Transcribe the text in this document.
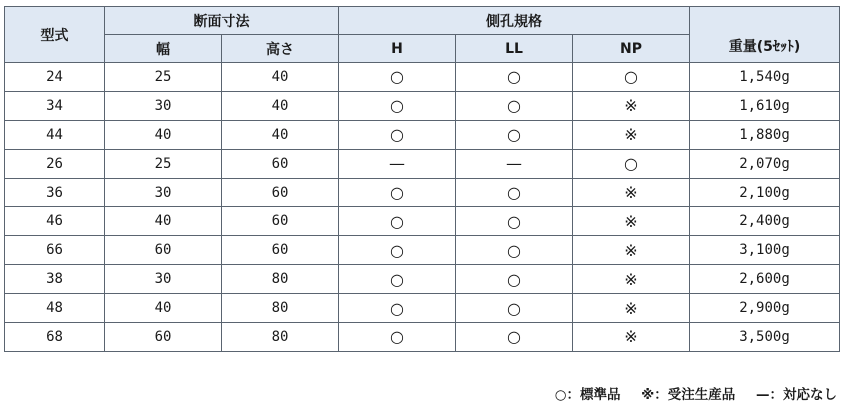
型式	断面寸法		側孔規格			重量(5ｾｯﾄ)
	幅	高さ	H	LL	NP	
24	25	40	○	○	○	1,540g
34	30	40	○	○	※	1,610g
44	40	40	○	○	※	1,880g
26	25	60	—	—	○	2,070g
36	30	60	○	○	※	2,100g
46	40	60	○	○	※	2,400g
66	60	60	○	○	※	3,100g
38	30	80	○	○	※	2,600g
48	40	80	○	○	※	2,900g
68	60	80	○	○	※	3,500g
○：標準品 ※：受注生産品 —：対応なし
